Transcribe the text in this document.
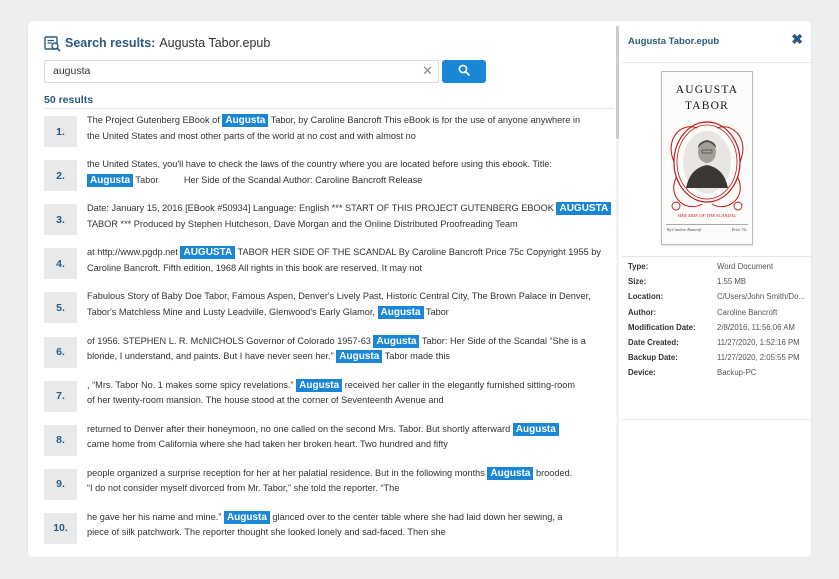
Search results: Augusta Tabor.epub
augusta
✕
50 results
1.
The Project Gutenberg EBook of Augusta Tabor, by Caroline Bancroft This eBook is for the use of anyone anywhere in
the United States and most other parts of the world at no cost and with almost no
2.
the United States, you'll have to check the laws of the country where you are located before using this ebook. Title:
Augusta Tabor          Her Side of the Scandal Author: Caroline Bancroft Release
3.
Date: January 15, 2016 [EBook #50934] Language: English *** START OF THIS PROJECT GUTENBERG EBOOK AUGUSTA
TABOR *** Produced by Stephen Hutcheson, Dave Morgan and the Online Distributed Proofreading Team
4.
at http://www.pgdp.net AUGUSTA TABOR HER SIDE OF THE SCANDAL By Caroline Bancroft Price 75c Copyright 1955 by
Caroline Bancroft. Fifth edition, 1968 All rights in this book are reserved. It may not
5.
Fabulous Story of Baby Doe Tabor, Famous Aspen, Denver's Lively Past, Historic Central City, The Brown Palace in Denver,
Tabor's Matchless Mine and Lusty Leadville, Glenwood's Early Glamor, Augusta Tabor
6.
of 1956. STEPHEN L. R. McNICHOLS Governor of Colorado 1957-63 Augusta Tabor: Her Side of the Scandal “She is a
blonde, I understand, and paints. But I have never seen her.” Augusta Tabor made this
7.
, “Mrs. Tabor No. 1 makes some spicy revelations.” Augusta received her caller in the elegantly furnished sitting-room
of her twenty-room mansion. The house stood at the corner of Seventeenth Avenue and
8.
returned to Denver after their honeymoon, no one called on the second Mrs. Tabor. But shortly afterward Augusta
came home from California where she had taken her broken heart. Two hundred and fifty
9.
people organized a surprise reception for her at her palatial residence. But in the following months Augusta brooded.
“I do not consider myself divorced from Mr. Tabor,” she told the reporter. “The
10.
he gave her his name and mine.” Augusta glanced over to the center table where she had laid down her sewing, a
piece of silk patchwork. The reporter thought she looked lonely and sad-faced. Then she
Augusta Tabor.epub	✖
AUGUSTA
TABOR
HER SIDE OF THE SCANDAL
By Caroline Bancroft	Price 75c
Type:	Word Document
Size:	1.55 MB
Location:	C/Users/John Smith/Do...
Author:	Caroline Bancroft
Modification Date:	2/8/2016, 11:56:06 AM
Date Created:	11/27/2020, 1:52:16 PM
Backup Date:	11/27/2020, 2:05:55 PM
Device:	Backup-PC
